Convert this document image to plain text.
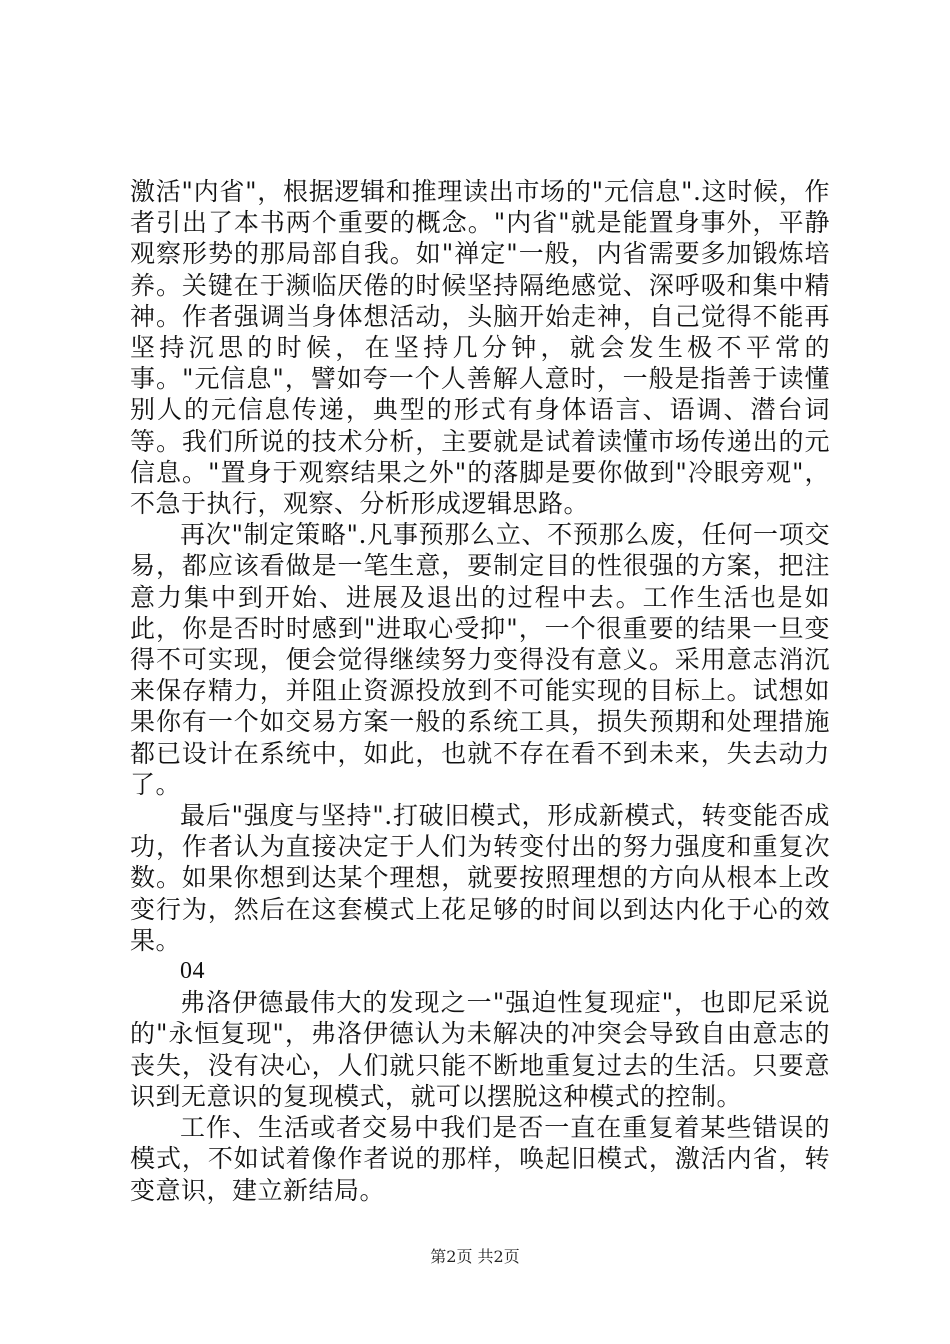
激活"内省"，根据逻辑和推理读出市场的"元信息".这时候，作者引出了本书两个重要的概念。"内省"就是能置身事外，平静观察形势的那局部自我。如"禅定"一般，内省需要多加锻炼培养。关键在于濒临厌倦的时候坚持隔绝感觉、深呼吸和集中精神。作者强调当身体想活动，头脑开始走神，自己觉得不能再坚持沉思的时候，在坚持几分钟，就会发生极不平常的事。"元信息"，譬如夸一个人善解人意时，一般是指善于读懂别人的元信息传递，典型的形式有身体语言、语调、潜台词等。我们所说的技术分析，主要就是试着读懂市场传递出的元信息。"置身于观察结果之外"的落脚是要你做到"冷眼旁观"，不急于执行，观察、分析形成逻辑思路。

再次"制定策略".凡事预那么立、不预那么废，任何一项交易，都应该看做是一笔生意，要制定目的性很强的方案，把注意力集中到开始、进展及退出的过程中去。工作生活也是如此，你是否时时感到"进取心受抑"，一个很重要的结果一旦变得不可实现，便会觉得继续努力变得没有意义。采用意志消沉来保存精力，并阻止资源投放到不可能实现的目标上。试想如果你有一个如交易方案一般的系统工具，损失预期和处理措施都已设计在系统中，如此，也就不存在看不到未来，失去动力了。

最后"强度与坚持".打破旧模式，形成新模式，转变能否成功，作者认为直接决定于人们为转变付出的努力强度和重复次数。如果你想到达某个理想，就要按照理想的方向从根本上改变行为，然后在这套模式上花足够的时间以到达内化于心的效果。

04

弗洛伊德最伟大的发现之一"强迫性复现症"，也即尼采说的"永恒复现"，弗洛伊德认为未解决的冲突会导致自由意志的丧失，没有决心，人们就只能不断地重复过去的生活。只要意识到无意识的复现模式，就可以摆脱这种模式的控制。

工作、生活或者交易中我们是否一直在重复着某些错误的模式，不如试着像作者说的那样，唤起旧模式，激活内省，转变意识，建立新结局。

第2页 共2页
